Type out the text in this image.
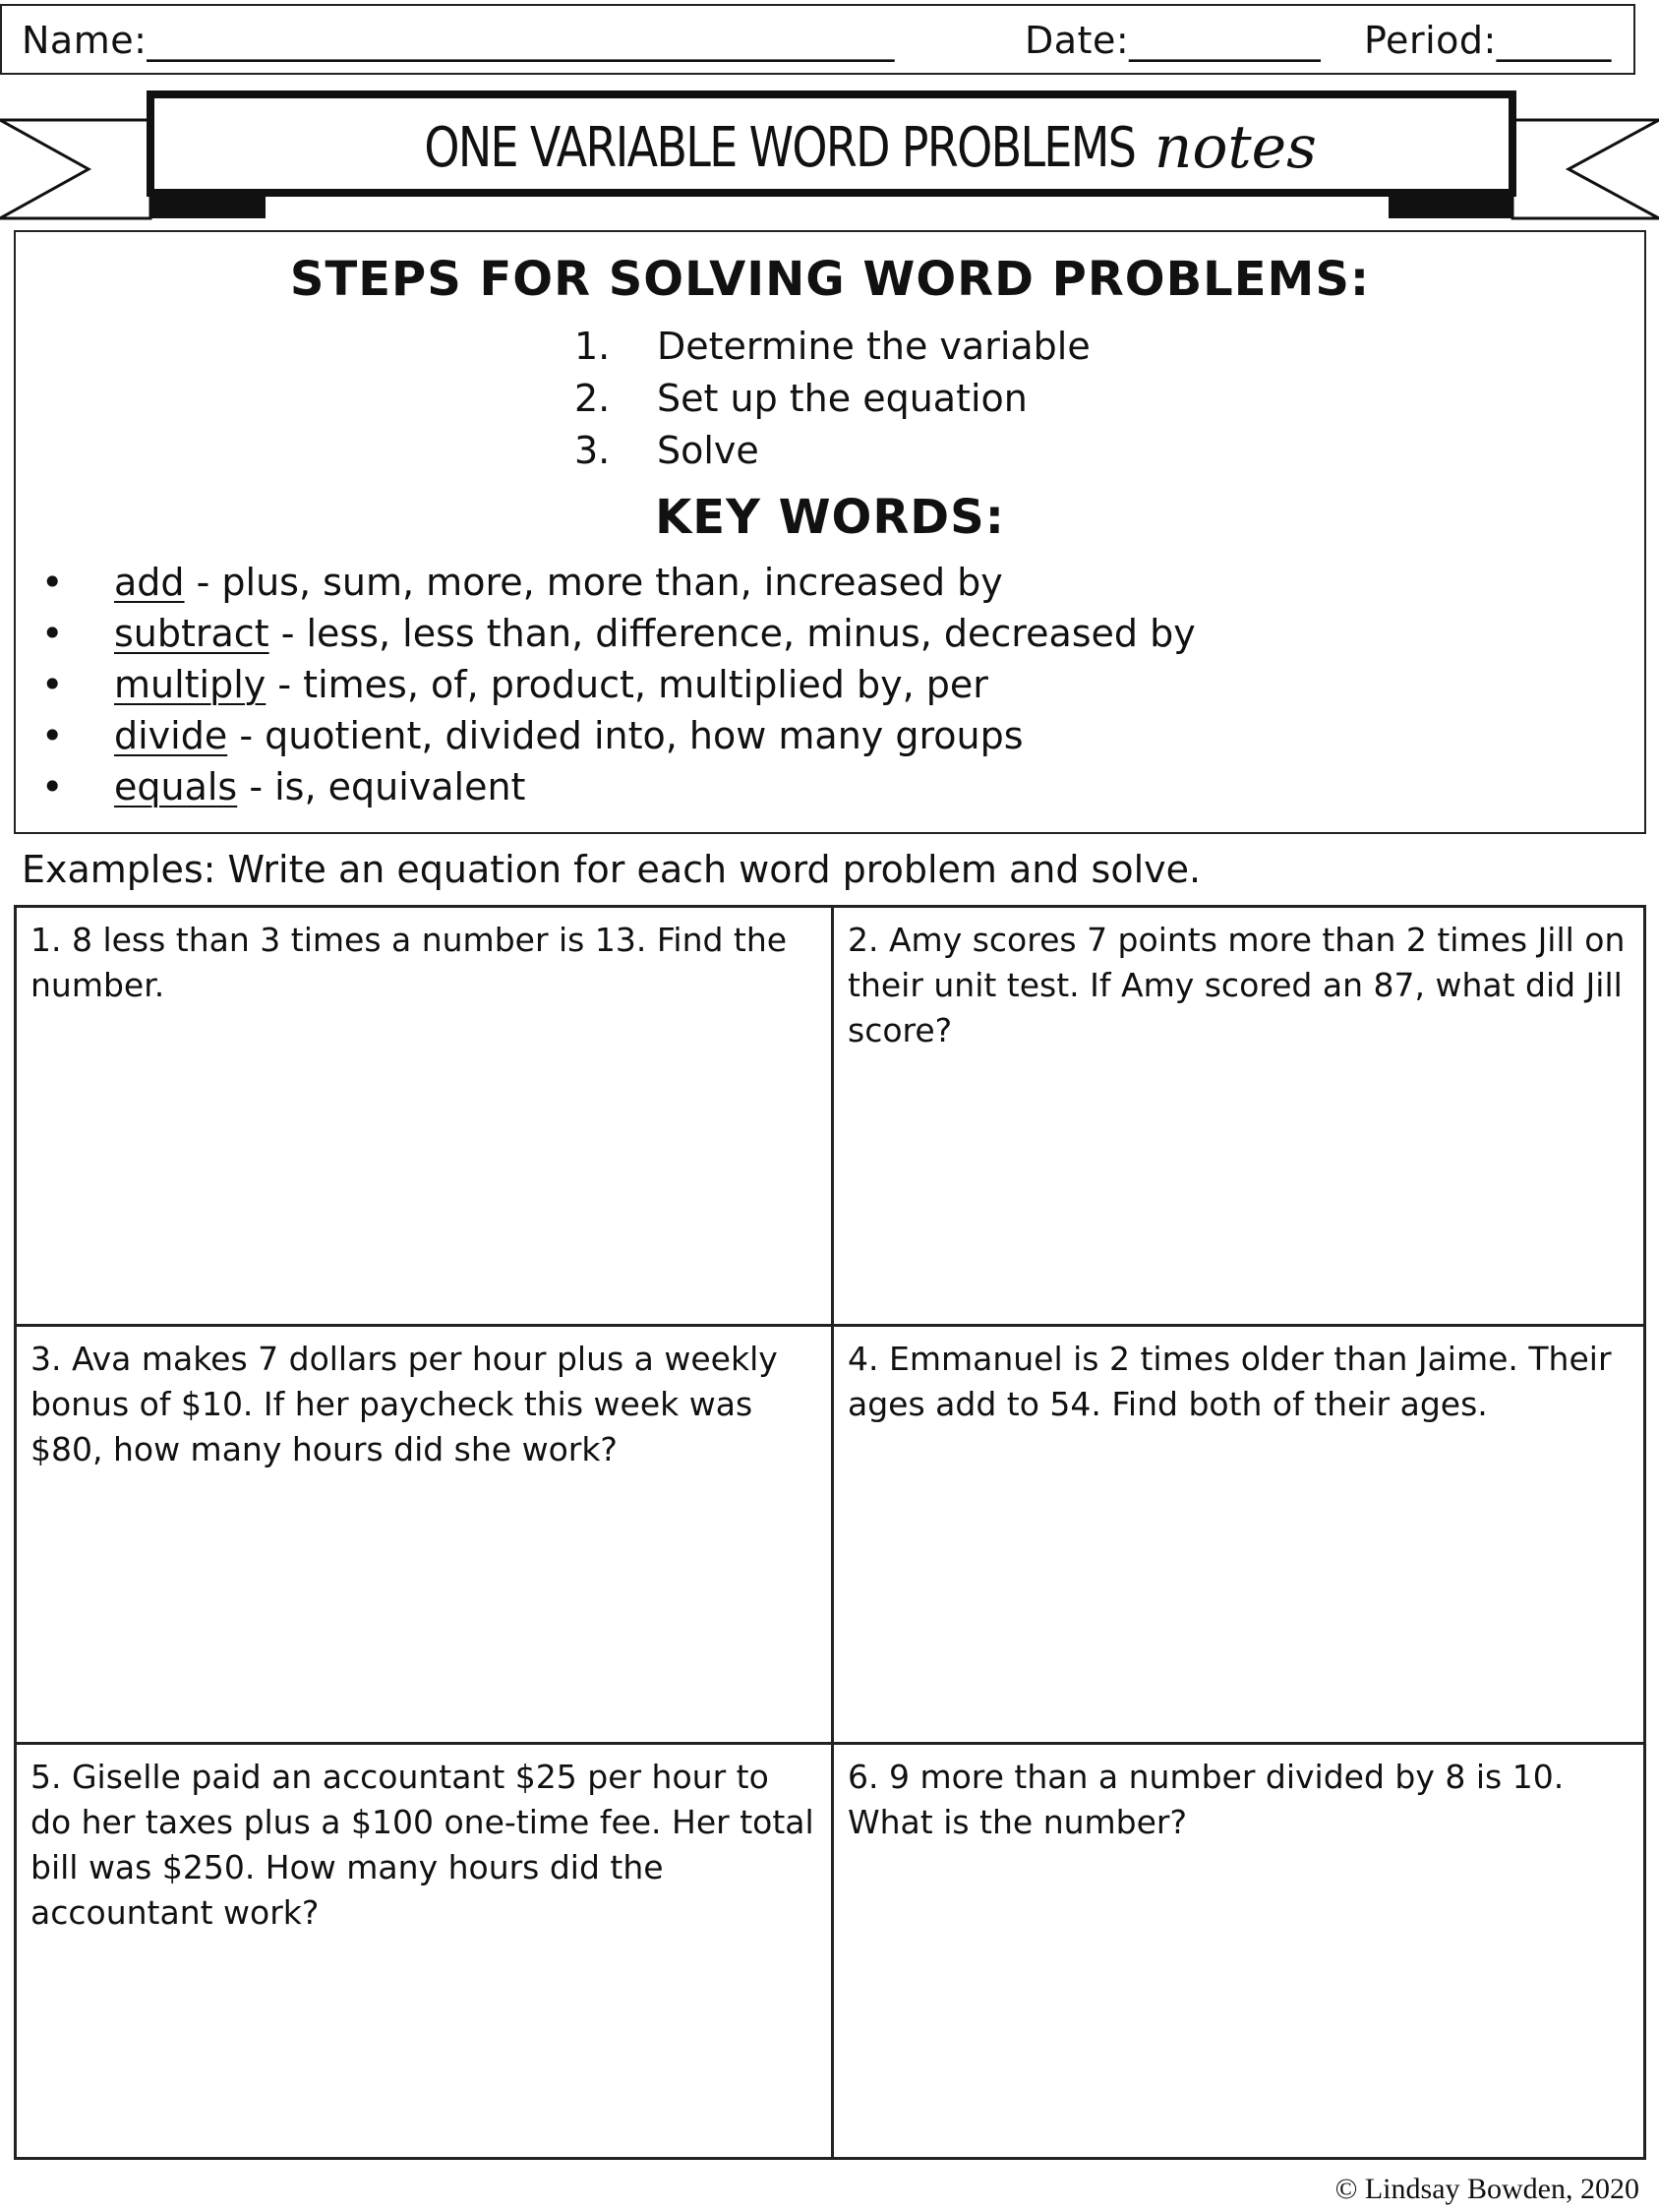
Name:_______________________________________	Date:__________ Period:______
ONE VARIABLE WORD PROBLEMS notes
STEPS FOR SOLVING WORD PROBLEMS:
1. Determine the variable
2. Set up the equation
3. Solve
KEY WORDS:
• add - plus, sum, more, more than, increased by
• subtract - less, less than, difference, minus, decreased by
• multiply - times, of, product, multiplied by, per
• divide - quotient, divided into, how many groups
• equals - is, equivalent
Examples: Write an equation for each word problem and solve.
1. 8 less than 3 times a number is 13. Find the number.
2. Amy scores 7 points more than 2 times Jill on their unit test. If Amy scored an 87, what did Jill score?
3. Ava makes 7 dollars per hour plus a weekly bonus of $10. If her paycheck this week was $80, how many hours did she work?
4. Emmanuel is 2 times older than Jaime. Their ages add to 54. Find both of their ages.
5. Giselle paid an accountant $25 per hour to do her taxes plus a $100 one-time fee. Her total bill was $250. How many hours did the accountant work?
6. 9 more than a number divided by 8 is 10. What is the number?
© Lindsay Bowden, 2020
